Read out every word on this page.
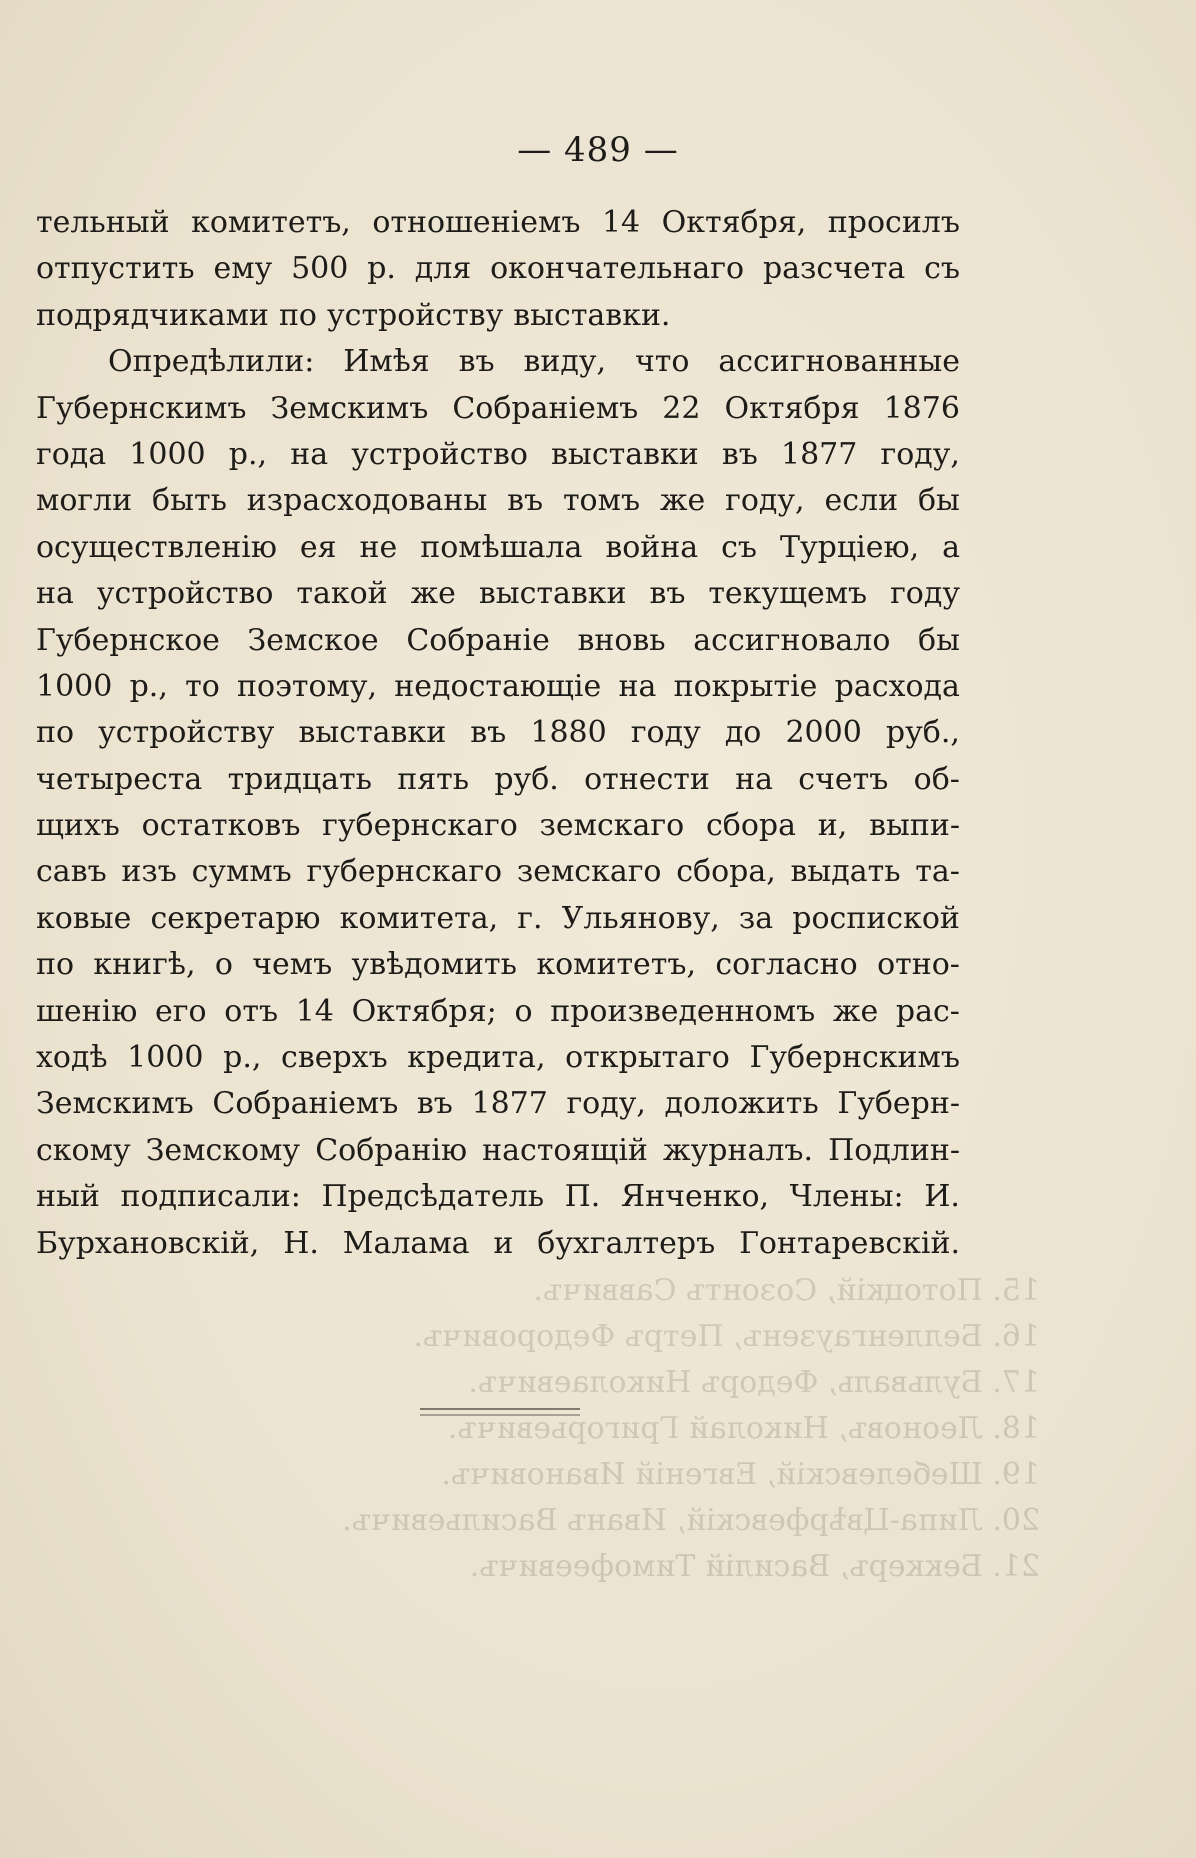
— 489 —
тельный комитетъ, отношеніемъ 14 Октября, просилъ
отпустить ему 500 р. для окончательнаго разсчета съ
подрядчиками по устройству выставки.
Опредѣлили: Имѣя въ виду, что ассигнованные
Губернскимъ Земскимъ Собраніемъ 22 Октября 1876
года 1000 р., на устройство выставки въ 1877 году,
могли быть израсходованы въ томъ же году, если бы
осуществленію ея не помѣшала война съ Турціею, а
на устройство такой же выставки въ текущемъ году
Губернское Земское Собраніе вновь ассигновало бы
1000 р., то поэтому, недостающіе на покрытіе расхода
по устройству выставки въ 1880 году до 2000 руб.,
четыреста тридцать пять руб. отнести на счетъ об-
щихъ остатковъ губернскаго земскаго сбора и, выпи-
савъ изъ суммъ губернскаго земскаго сбора, выдать та-
ковые секретарю комитета, г. Ульянову, за роспиской
по книгѣ, о чемъ увѣдомить комитетъ, согласно отно-
шенію его отъ 14 Октября; о произведенномъ же рас-
ходѣ 1000 р., сверхъ кредита, открытаго Губернскимъ
Земскимъ Собраніемъ въ 1877 году, доложить Губерн-
скому Земскому Собранію настоящій журналъ. Подлин-
ный подписали: Предсѣдатель П. Янченко, Члены: И.
Бурхановскій, Н. Малама и бухгалтеръ Гонтаревскій.
15. Потоцкій, Созонтъ Саввичъ.
16. Белленгаузенъ, Петръ Федоровичъ.
17. Бульваль, Федоръ Николаевичъ.
18. Леоновъ, Николай Григорьевичъ.
19. Шебелевскій, Евгеній Ивановичъ.
20. Липа-Цвѣрфевскій, Иванъ Васильевичъ.
21. Беккеръ, Василій Тимофеевичъ.
